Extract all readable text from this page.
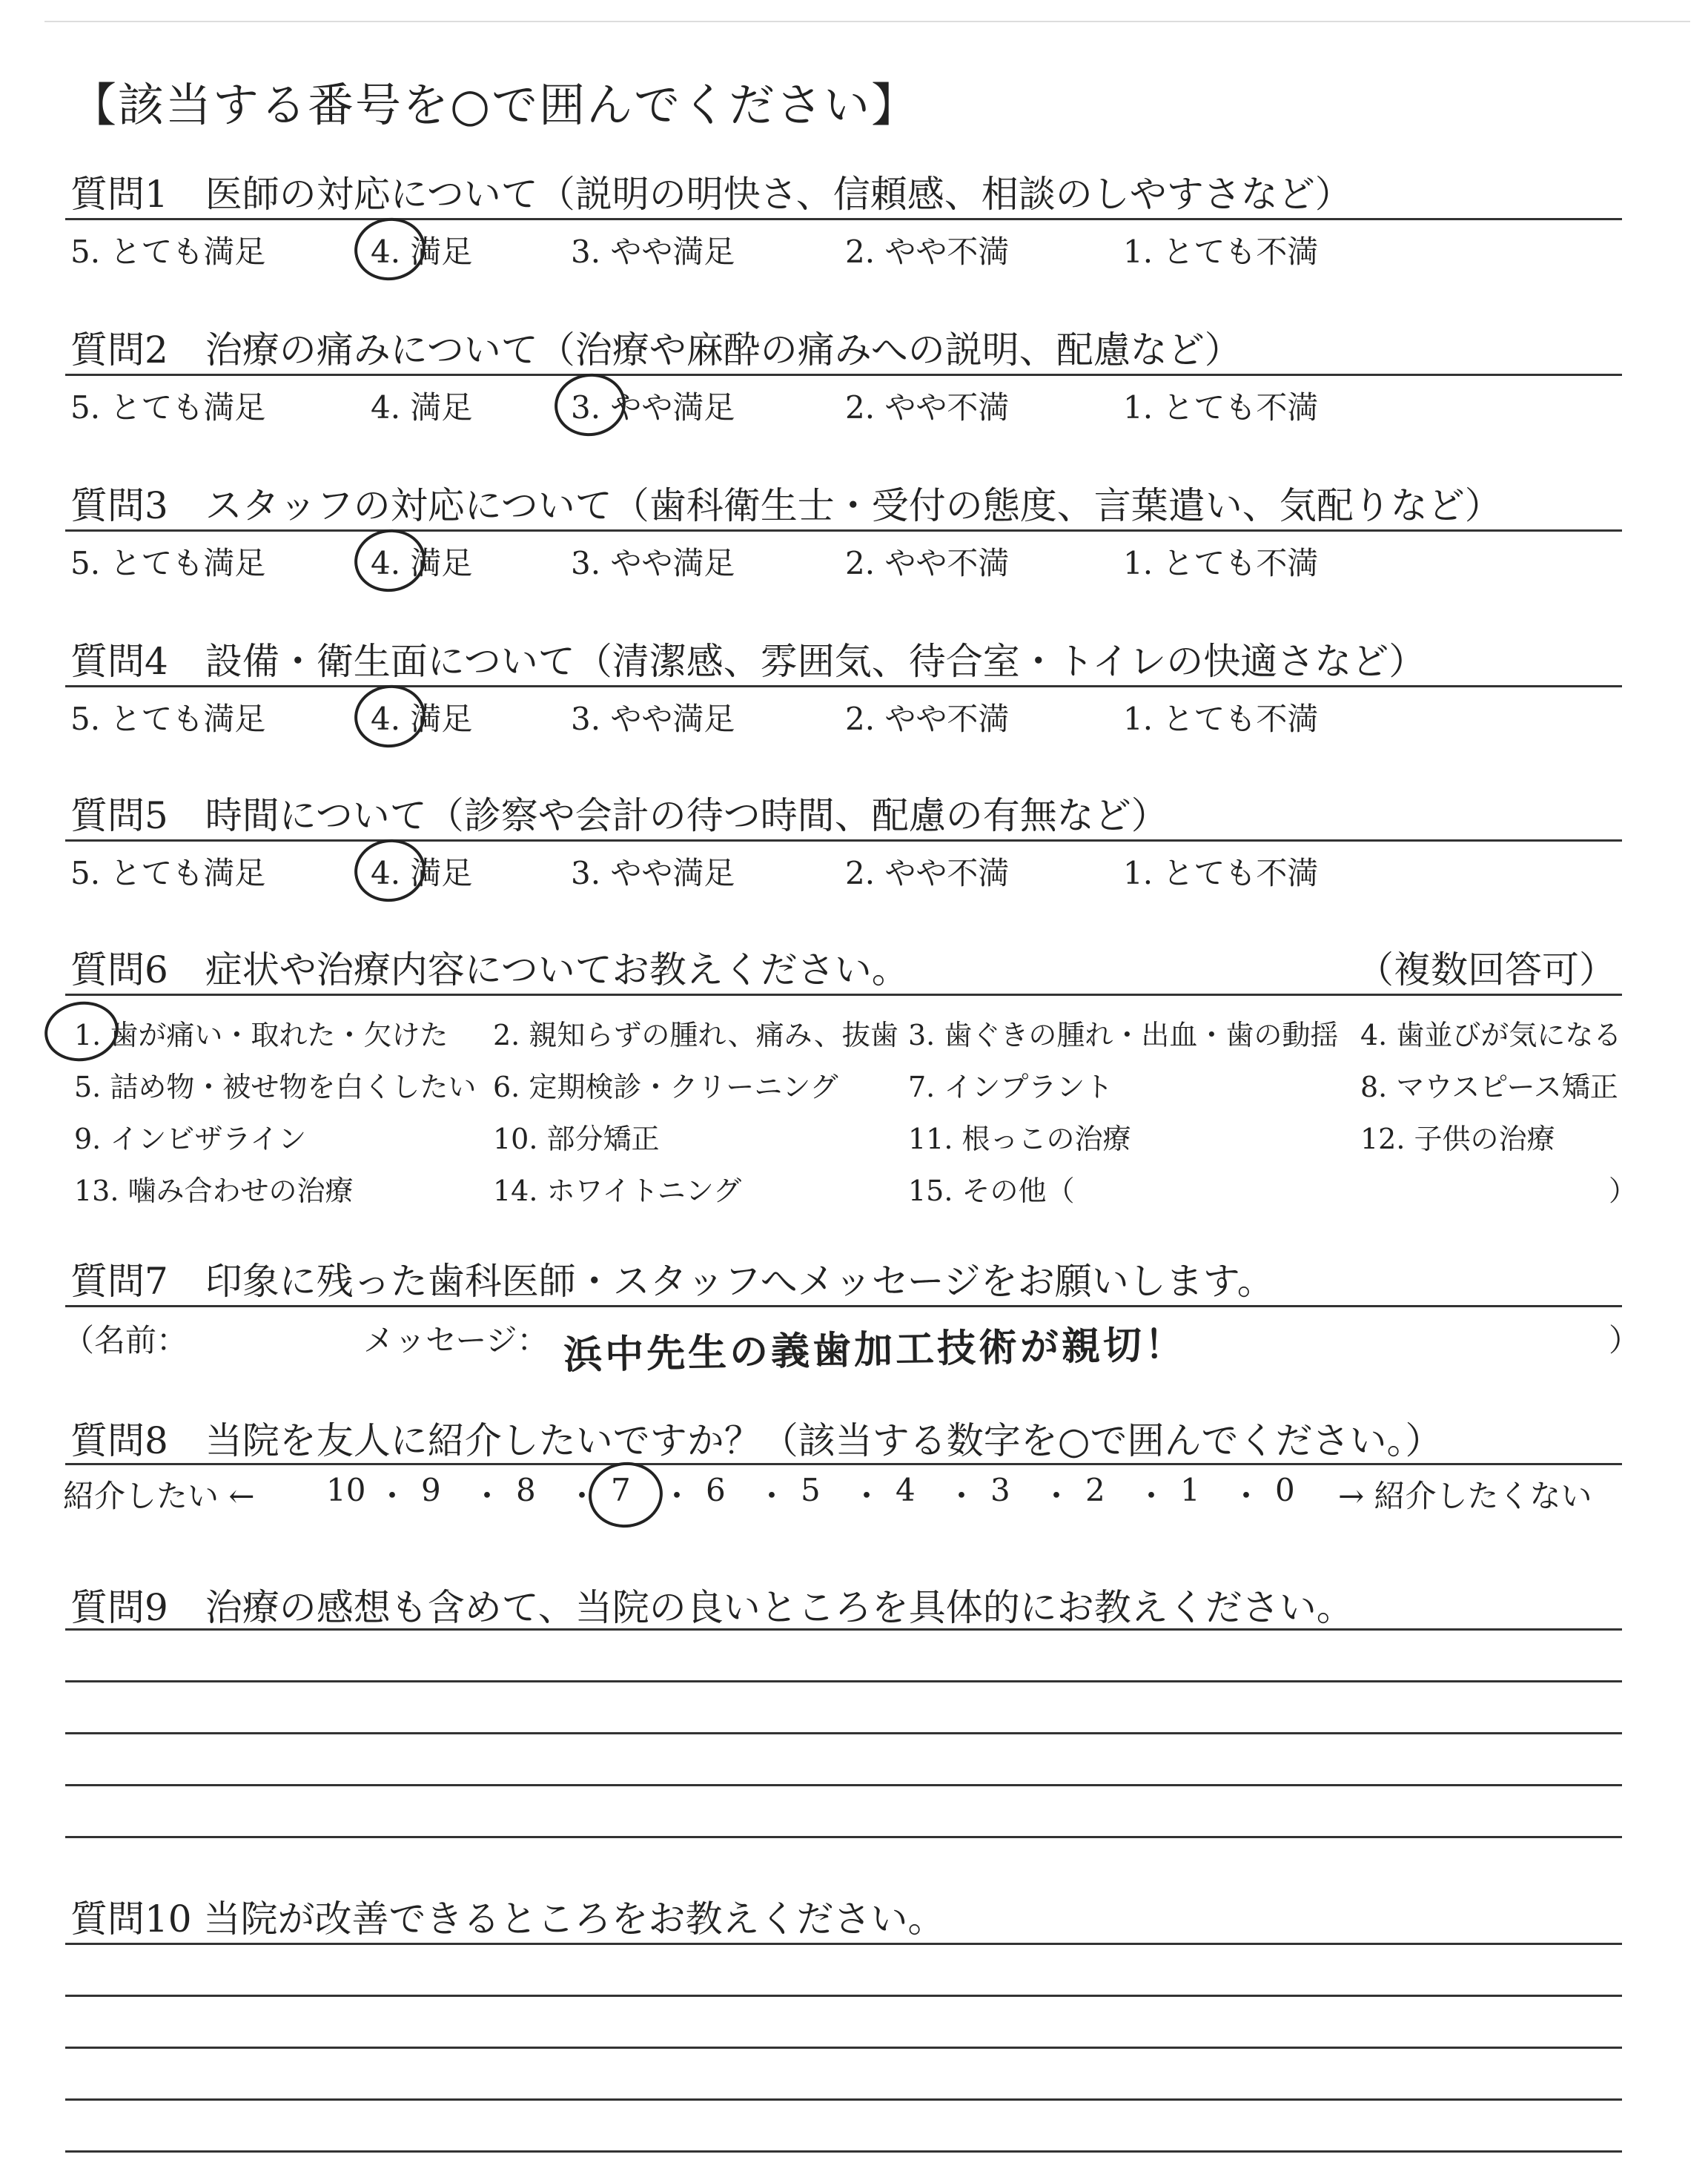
【該当する番号を○で囲んでください】
質問1　医師の対応について（説明の明快さ、信頼感、相談のしやすさなど）
5. とても満足	4. 満足	3. やや満足	2. やや不満	1. とても不満
質問2　治療の痛みについて（治療や麻酔の痛みへの説明、配慮など）
5. とても満足	4. 満足	3. やや満足	2. やや不満	1. とても不満
質問3　スタッフの対応について（歯科衛生士・受付の態度、言葉遣い、気配りなど）
5. とても満足	4. 満足	3. やや満足	2. やや不満	1. とても不満
質問4　設備・衛生面について（清潔感、雰囲気、待合室・トイレの快適さなど）
5. とても満足	4. 満足	3. やや満足	2. やや不満	1. とても不満
質問5　時間について（診察や会計の待つ時間、配慮の有無など）
5. とても満足	4. 満足	3. やや満足	2. やや不満	1. とても不満
質問6　症状や治療内容についてお教えください。	（複数回答可）
1. 歯が痛い・取れた・欠けた 2. 親知らずの腫れ、痛み、抜歯 3. 歯ぐきの腫れ・出血・歯の動揺 4. 歯並びが気になる
5. 詰め物・被せ物を白くしたい 6. 定期検診・クリーニング 7. インプラント	8. マウスピース矯正
9. インビザライン	10. 部分矯正	11. 根っこの治療	12. 子供の治療
13. 噛み合わせの治療	14. ホワイトニング	15. その他（	）
質問7　印象に残った歯科医師・スタッフへメッセージをお願いします。
（名前：	メッセージ： 浜中先生の義歯加工技術が親切！	）
質問8　当院を友人に紹介したいですか？（該当する数字を○で囲んでください。）
紹介したい ← 10 ・ 9 ・ 8 ・ 7 ・ 6 ・ 5 ・ 4 ・ 3 ・ 2 ・ 1 ・ 0 → 紹介したくない
質問9　治療の感想も含めて、当院の良いところを具体的にお教えください。
質問10 当院が改善できるところをお教えください。
